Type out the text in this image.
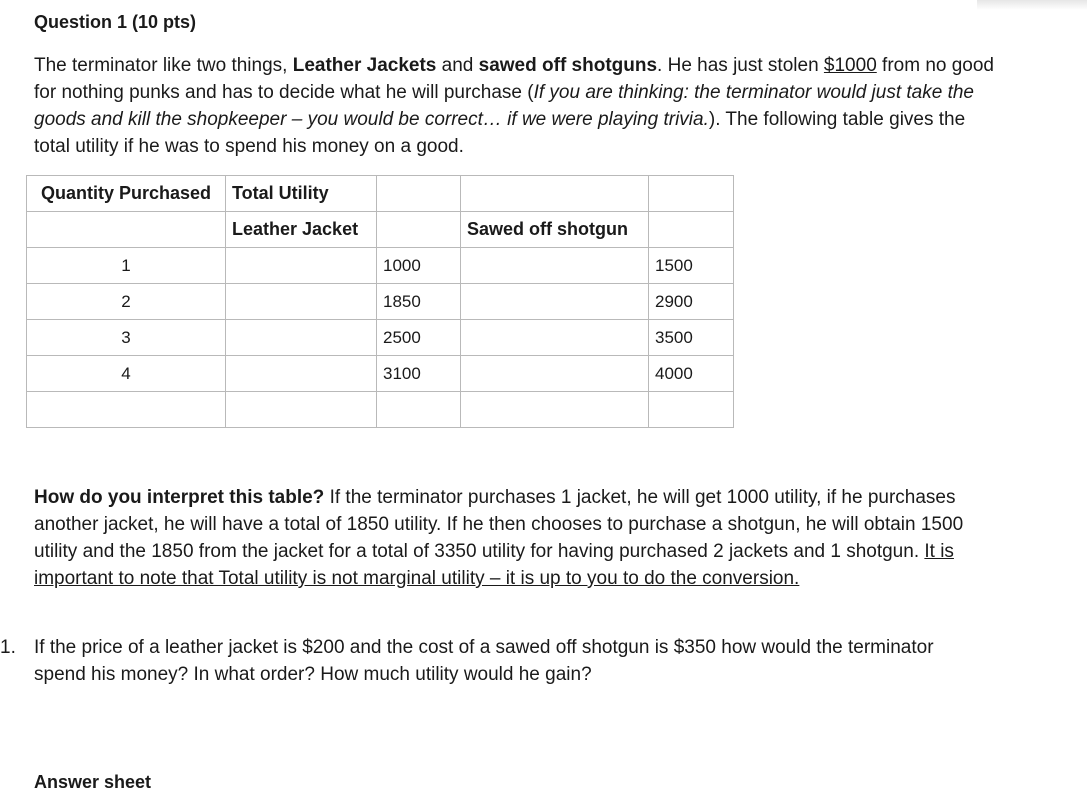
Question 1 (10 pts)

The terminator like two things, Leather Jackets and sawed off shotguns. He has just stolen $1000 from no good for nothing punks and has to decide what he will purchase (If you are thinking: the terminator would just take the goods and kill the shopkeeper – you would be correct… if we were playing trivia.). The following table gives the total utility if he was to spend his money on a good.

Quantity Purchased	Total Utility			
	Leather Jacket		Sawed off shotgun	
1		1000		1500
2		1850		2900
3		2500		3500
4		3100		4000

How do you interpret this table? If the terminator purchases 1 jacket, he will get 1000 utility, if he purchases another jacket, he will have a total of 1850 utility. If he then chooses to purchase a shotgun, he will obtain 1500 utility and the 1850 from the jacket for a total of 3350 utility for having purchased 2 jackets and 1 shotgun. It is important to note that Total utility is not marginal utility – it is up to you to do the conversion.

1. If the price of a leather jacket is $200 and the cost of a sawed off shotgun is $350 how would the terminator spend his money? In what order? How much utility would he gain?

Answer sheet
